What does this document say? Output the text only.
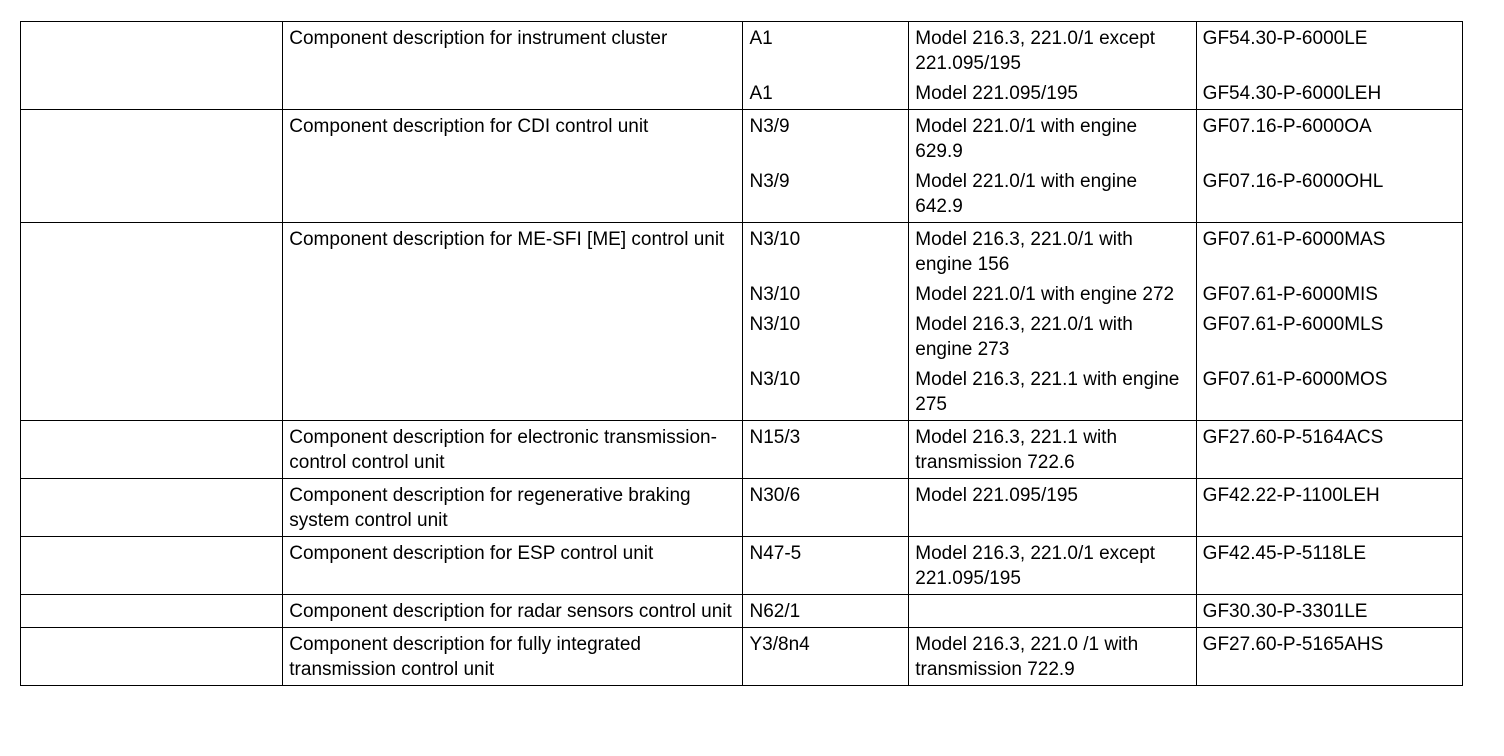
	Component description for instrument cluster	A1	Model 216.3, 221.0/1 except 221.095/195	GF54.30-P-6000LE

		A1	Model 221.095/195	GF54.30-P-6000LEH

	Component description for CDI control unit	N3/9	Model 221.0/1 with engine 629.9	GF07.16-P-6000OA

		N3/9	Model 221.0/1 with engine 642.9	GF07.16-P-6000OHL

	Component description for ME-SFI [ME] control unit	N3/10	Model 216.3, 221.0/1 with engine 156	GF07.61-P-6000MAS

		N3/10	Model 221.0/1 with engine 272	GF07.61-P-6000MIS

		N3/10	Model 216.3, 221.0/1 with engine 273	GF07.61-P-6000MLS

		N3/10	Model 216.3, 221.1 with engine 275	GF07.61-P-6000MOS

	Component description for electronic transmission-control control unit	N15/3	Model 216.3, 221.1 with transmission 722.6	GF27.60-P-5164ACS

	Component description for regenerative braking system control unit	N30/6	Model 221.095/195	GF42.22-P-1100LEH

	Component description for ESP control unit	N47-5	Model 216.3, 221.0/1 except 221.095/195	GF42.45-P-5118LE

	Component description for radar sensors control unit	N62/1		GF30.30-P-3301LE

	Component description for fully integrated transmission control unit	Y3/8n4	Model 216.3, 221.0 /1 with transmission 722.9	GF27.60-P-5165AHS
